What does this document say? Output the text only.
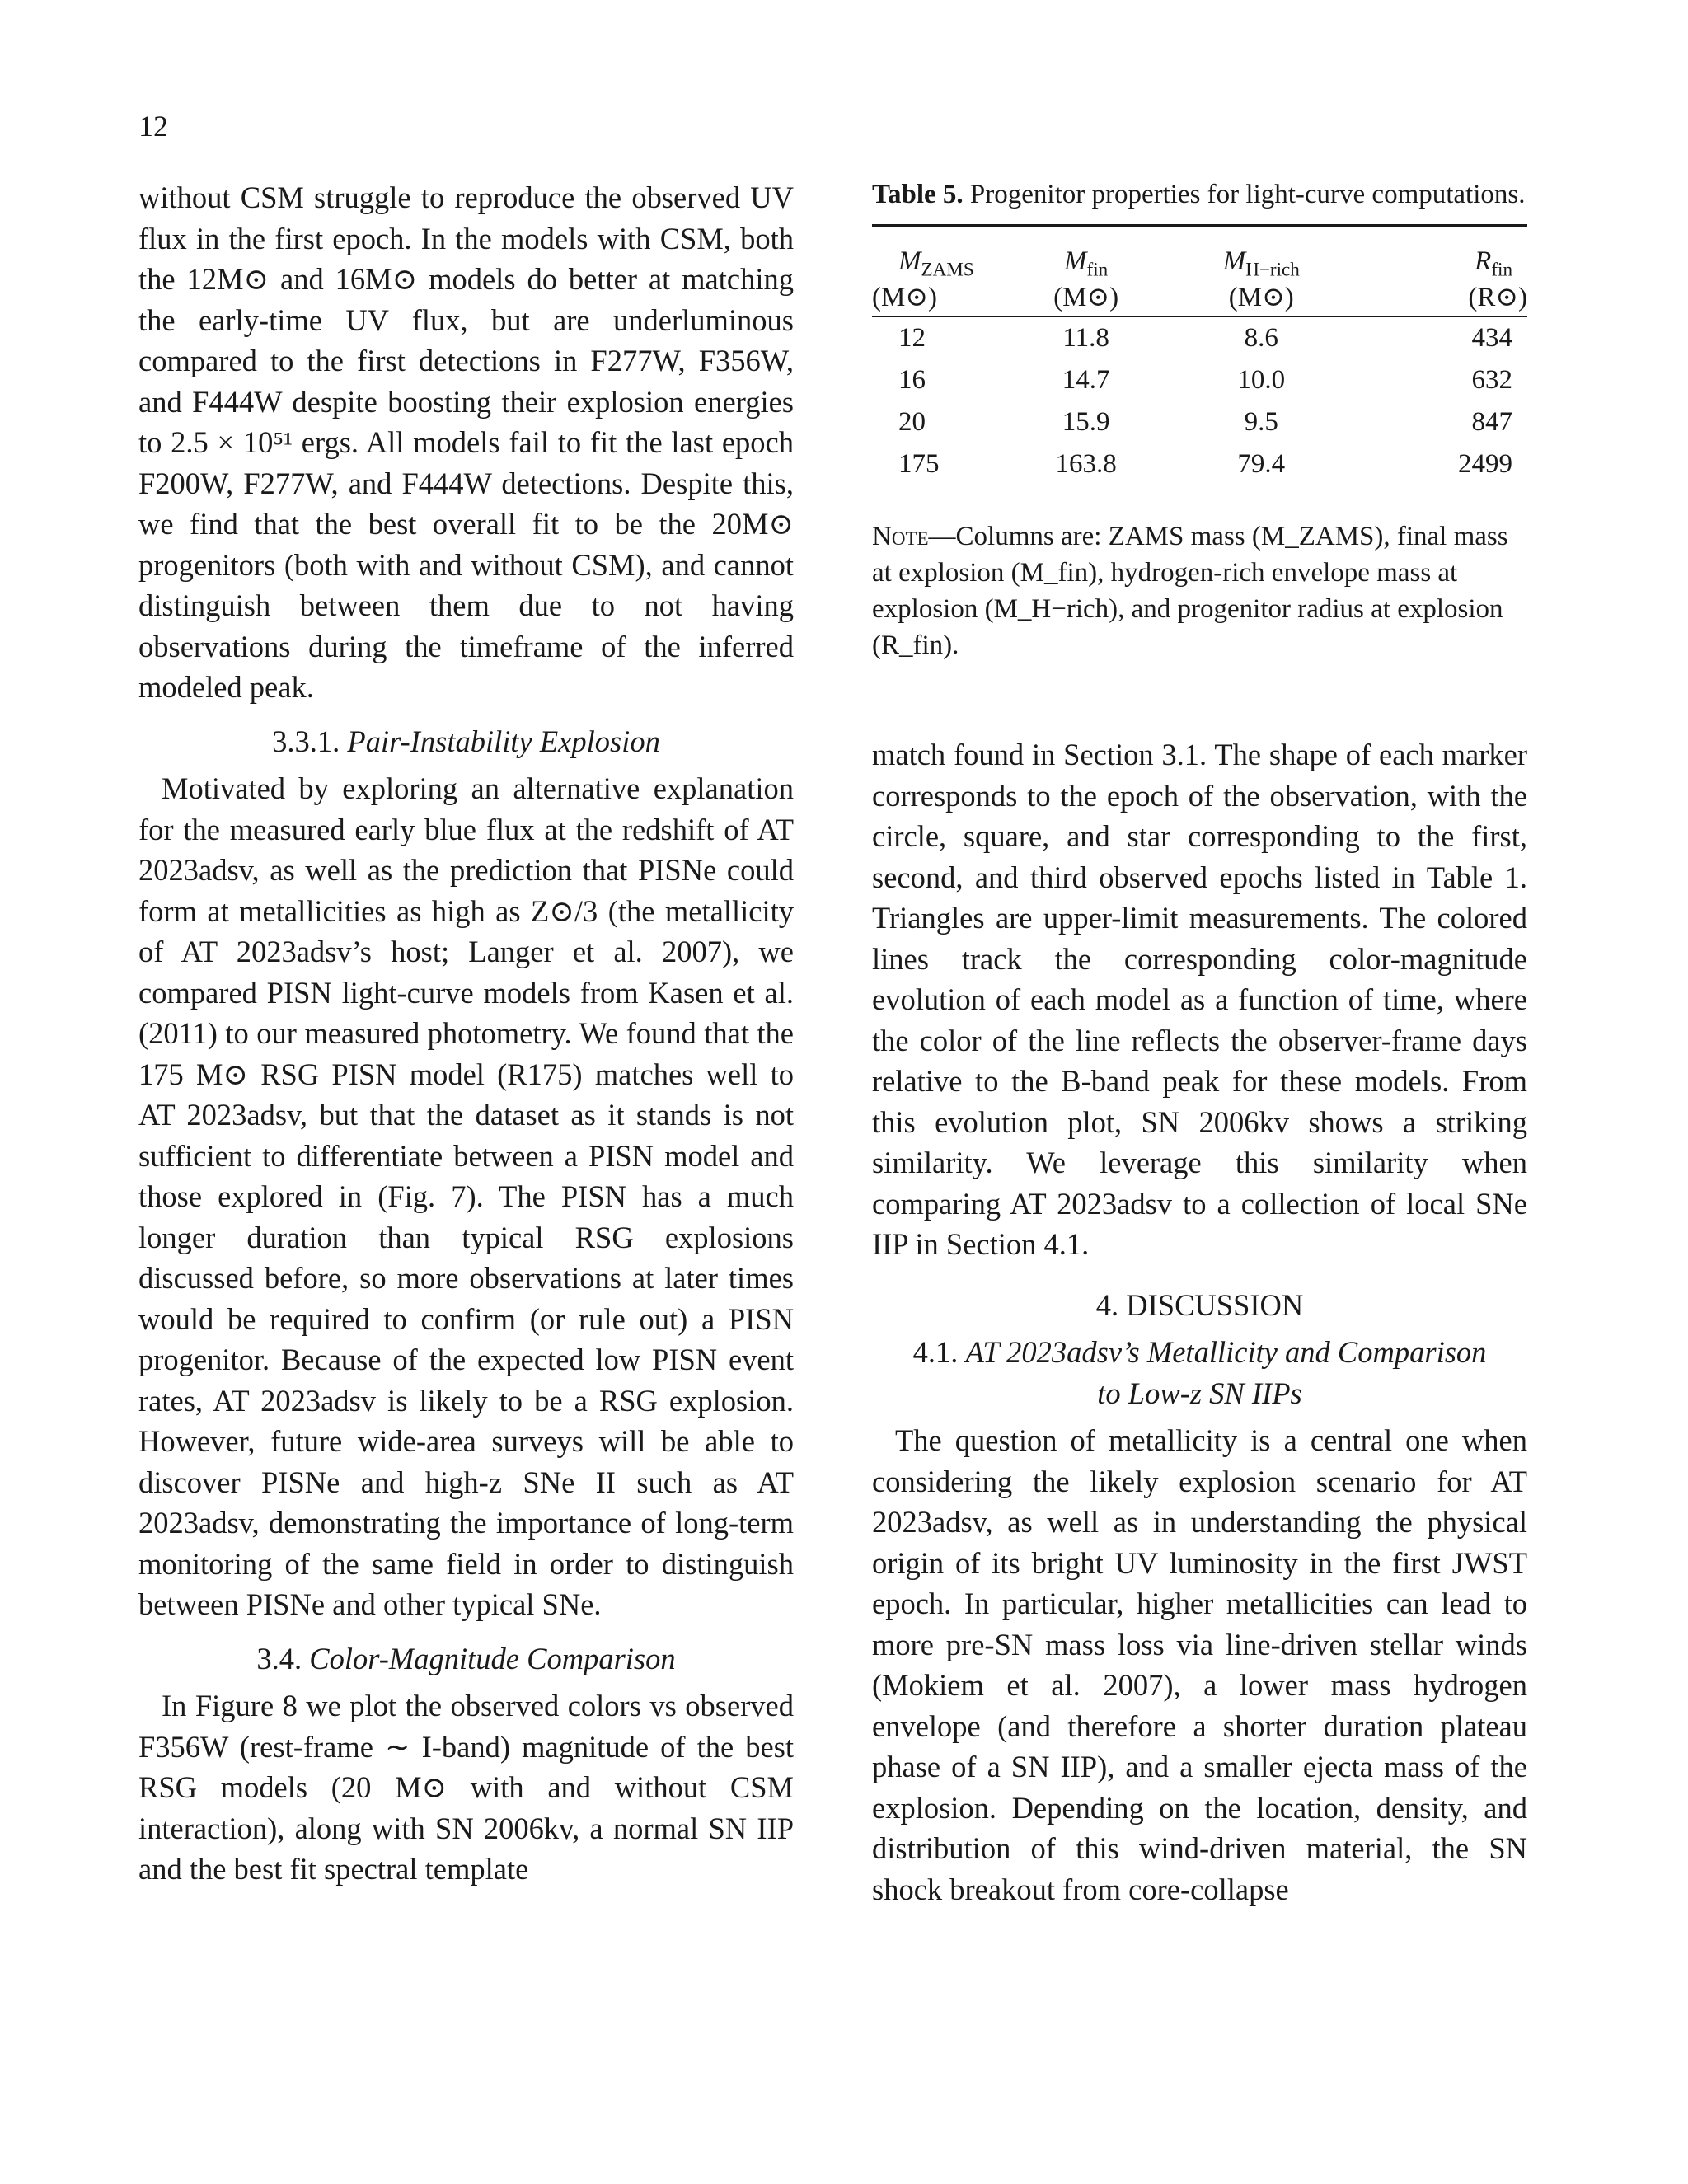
12

without CSM struggle to reproduce the observed UV flux in the first epoch. In the models with CSM, both the 12M⊙ and 16M⊙ models do better at matching the early-time UV flux, but are underluminous compared to the first detections in F277W, F356W, and F444W despite boosting their explosion energies to 2.5 × 10⁵¹ ergs. All models fail to fit the last epoch F200W, F277W, and F444W detections. Despite this, we find that the best overall fit to be the 20M⊙ progenitors (both with and without CSM), and cannot distinguish between them due to not having observations during the timeframe of the inferred modeled peak.

3.3.1. Pair-Instability Explosion

Motivated by exploring an alternative explanation for the measured early blue flux at the redshift of AT 2023adsv, as well as the prediction that PISNe could form at metallicities as high as Z⊙/3 (the metallicity of AT 2023adsv’s host; Langer et al. 2007), we compared PISN light-curve models from Kasen et al. (2011) to our measured photometry. We found that the 175 M⊙ RSG PISN model (R175) matches well to AT 2023adsv, but that the dataset as it stands is not sufficient to differentiate between a PISN model and those explored in (Fig. 7). The PISN has a much longer duration than typical RSG explosions discussed before, so more observations at later times would be required to confirm (or rule out) a PISN progenitor. Because of the expected low PISN event rates, AT 2023adsv is likely to be a RSG explosion. However, future wide-area surveys will be able to discover PISNe and high-z SNe II such as AT 2023adsv, demonstrating the importance of long-term monitoring of the same field in order to distinguish between PISNe and other typical SNe.

3.4. Color-Magnitude Comparison

In Figure 8 we plot the observed colors vs observed F356W (rest-frame ∼ I-band) magnitude of the best RSG models (20 M⊙ with and without CSM interaction), along with SN 2006kv, a normal SN IIP and the best fit spectral template

Table 5. Progenitor properties for light-curve computations.

$M_{ZAMS}$	$M_{fin}$	$M_{H-rich}$	$R_{fin}$
(M⊙)	(M⊙)	(M⊙)	(R⊙)
12	11.8	8.6	434
16	14.7	10.0	632
20	15.9	9.5	847
175	163.8	79.4	2499

Note—Columns are: ZAMS mass (M_ZAMS), final mass at explosion (M_fin), hydrogen-rich envelope mass at explosion (M_H−rich), and progenitor radius at explosion (R_fin).

match found in Section 3.1. The shape of each marker corresponds to the epoch of the observation, with the circle, square, and star corresponding to the first, second, and third observed epochs listed in Table 1. Triangles are upper-limit measurements. The colored lines track the corresponding color-magnitude evolution of each model as a function of time, where the color of the line reflects the observer-frame days relative to the B-band peak for these models. From this evolution plot, SN 2006kv shows a striking similarity. We leverage this similarity when comparing AT 2023adsv to a collection of local SNe IIP in Section 4.1.

4. DISCUSSION

4.1. AT 2023adsv’s Metallicity and Comparison
to Low-z SN IIPs

The question of metallicity is a central one when considering the likely explosion scenario for AT 2023adsv, as well as in understanding the physical origin of its bright UV luminosity in the first JWST epoch. In particular, higher metallicities can lead to more pre-SN mass loss via line-driven stellar winds (Mokiem et al. 2007), a lower mass hydrogen envelope (and therefore a shorter duration plateau phase of a SN IIP), and a smaller ejecta mass of the explosion. Depending on the location, density, and distribution of this wind-driven material, the SN shock breakout from core-collapse
